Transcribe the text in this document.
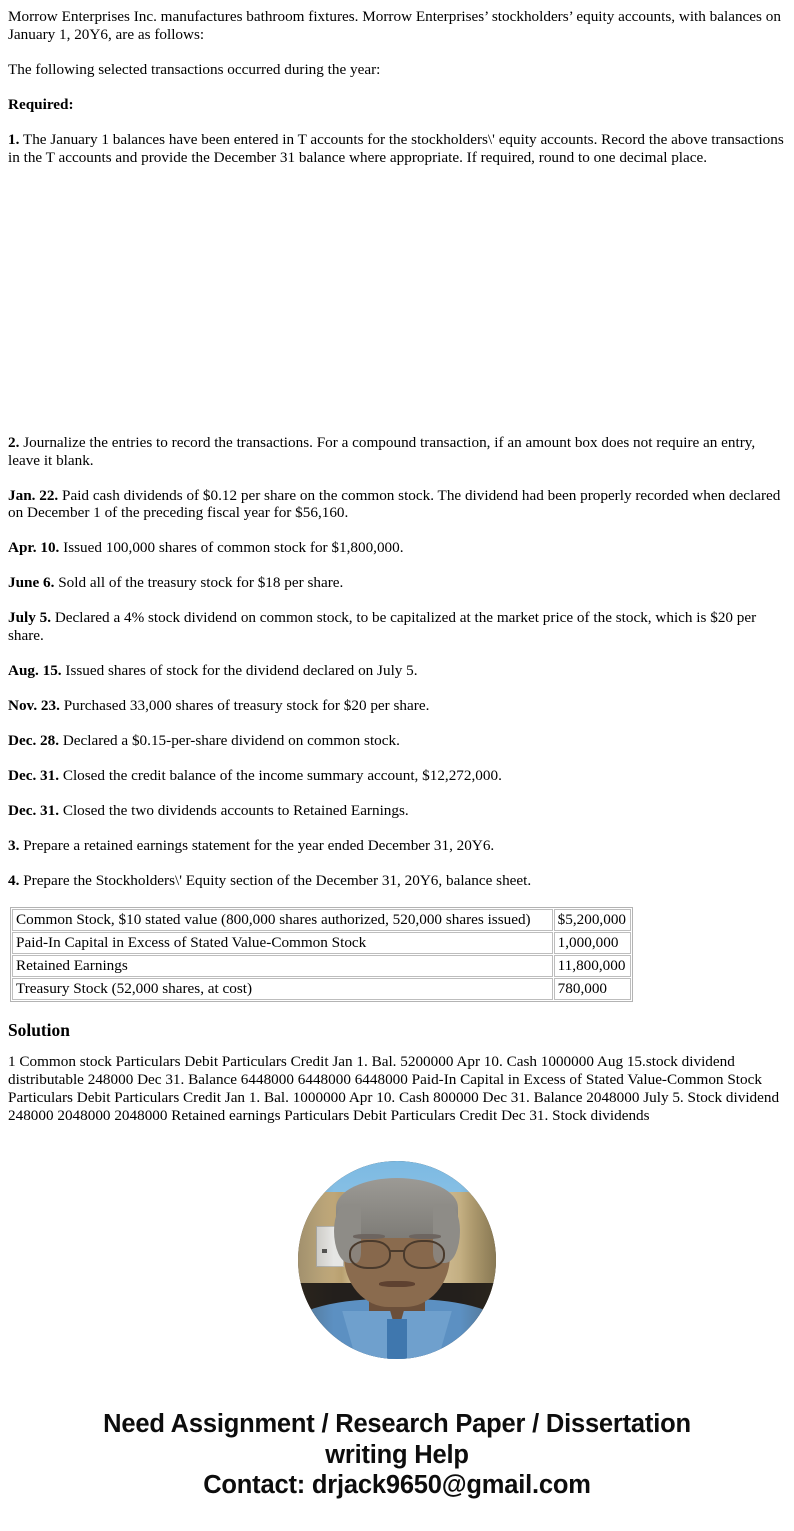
Morrow Enterprises Inc. manufactures bathroom fixtures. Morrow Enterprises’ stockholders’ equity accounts, with balances on January 1, 20Y6, are as follows:

The following selected transactions occurred during the year:

Required:

1. The January 1 balances have been entered in T accounts for the stockholders\' equity accounts. Record the above transactions in the T accounts and provide the December 31 balance where appropriate. If required, round to one decimal place.

2. Journalize the entries to record the transactions. For a compound transaction, if an amount box does not require an entry, leave it blank.

Jan. 22. Paid cash dividends of $0.12 per share on the common stock. The dividend had been properly recorded when declared on December 1 of the preceding fiscal year for $56,160.

Apr. 10. Issued 100,000 shares of common stock for $1,800,000.

June 6. Sold all of the treasury stock for $18 per share.

July 5. Declared a 4% stock dividend on common stock, to be capitalized at the market price of the stock, which is $20 per share.

Aug. 15. Issued shares of stock for the dividend declared on July 5.

Nov. 23. Purchased 33,000 shares of treasury stock for $20 per share.

Dec. 28. Declared a $0.15-per-share dividend on common stock.

Dec. 31. Closed the credit balance of the income summary account, $12,272,000.

Dec. 31. Closed the two dividends accounts to Retained Earnings.

3. Prepare a retained earnings statement for the year ended December 31, 20Y6.

4. Prepare the Stockholders\' Equity section of the December 31, 20Y6, balance sheet.

Common Stock, $10 stated value (800,000 shares authorized, 520,000 shares issued)	$5,200,000
Paid-In Capital in Excess of Stated Value-Common Stock	1,000,000
Retained Earnings	11,800,000
Treasury Stock (52,000 shares, at cost)	780,000
Solution

1 Common stock Particulars Debit Particulars Credit Jan 1. Bal. 5200000 Apr 10. Cash 1000000 Aug 15.stock dividend distributable 248000 Dec 31. Balance 6448000 6448000 6448000 Paid-In Capital in Excess of Stated Value-Common Stock Particulars Debit Particulars Credit Jan 1. Bal. 1000000 Apr 10. Cash 800000 Dec 31. Balance 2048000 July 5. Stock dividend 248000 2048000 2048000 Retained earnings Particulars Debit Particulars Credit Dec 31. Stock dividends

Need Assignment / Research Paper / Dissertation
writing Help
Contact: drjack9650@gmail.com
